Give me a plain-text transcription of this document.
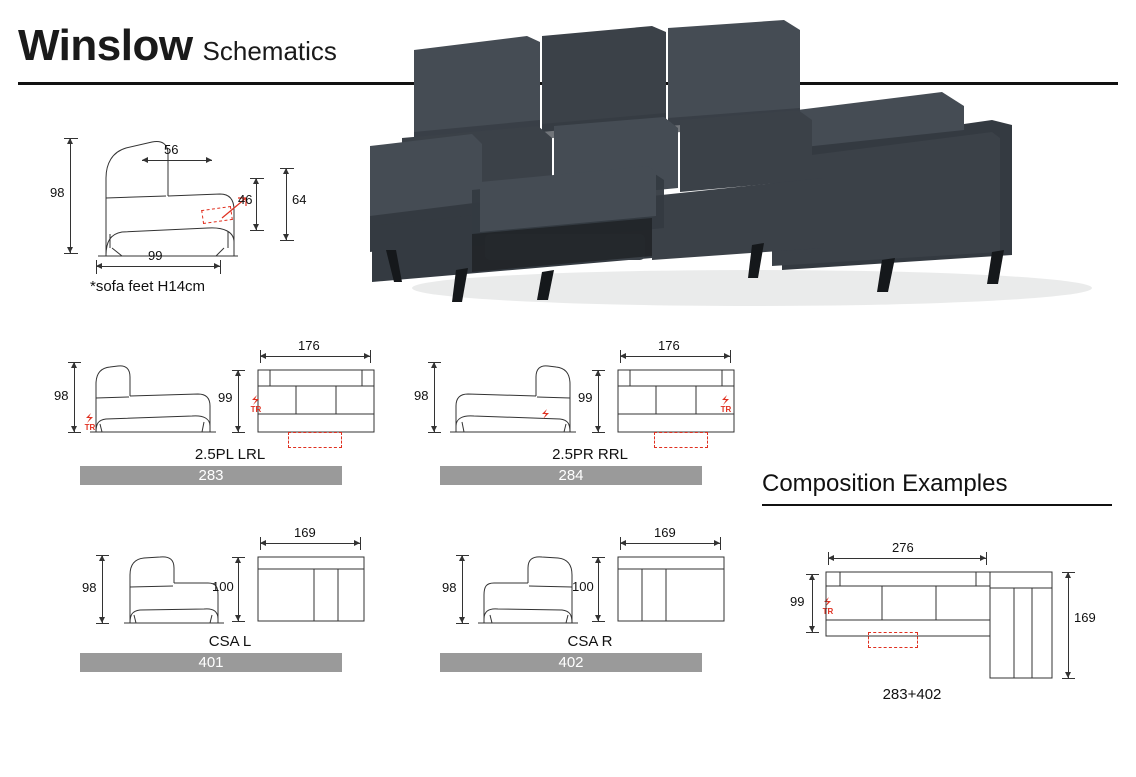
Winslow Schematics
98
56
46	64
99
*sofa feet H14cm
98
TR
176
99
TR
2.5PL LRL
283
98
176
99
TR
2.5PR RRL
284
98
169
100
CSA L
401
98
169
100
CSA R
402
Composition Examples
276
99
TR	169
283+402
